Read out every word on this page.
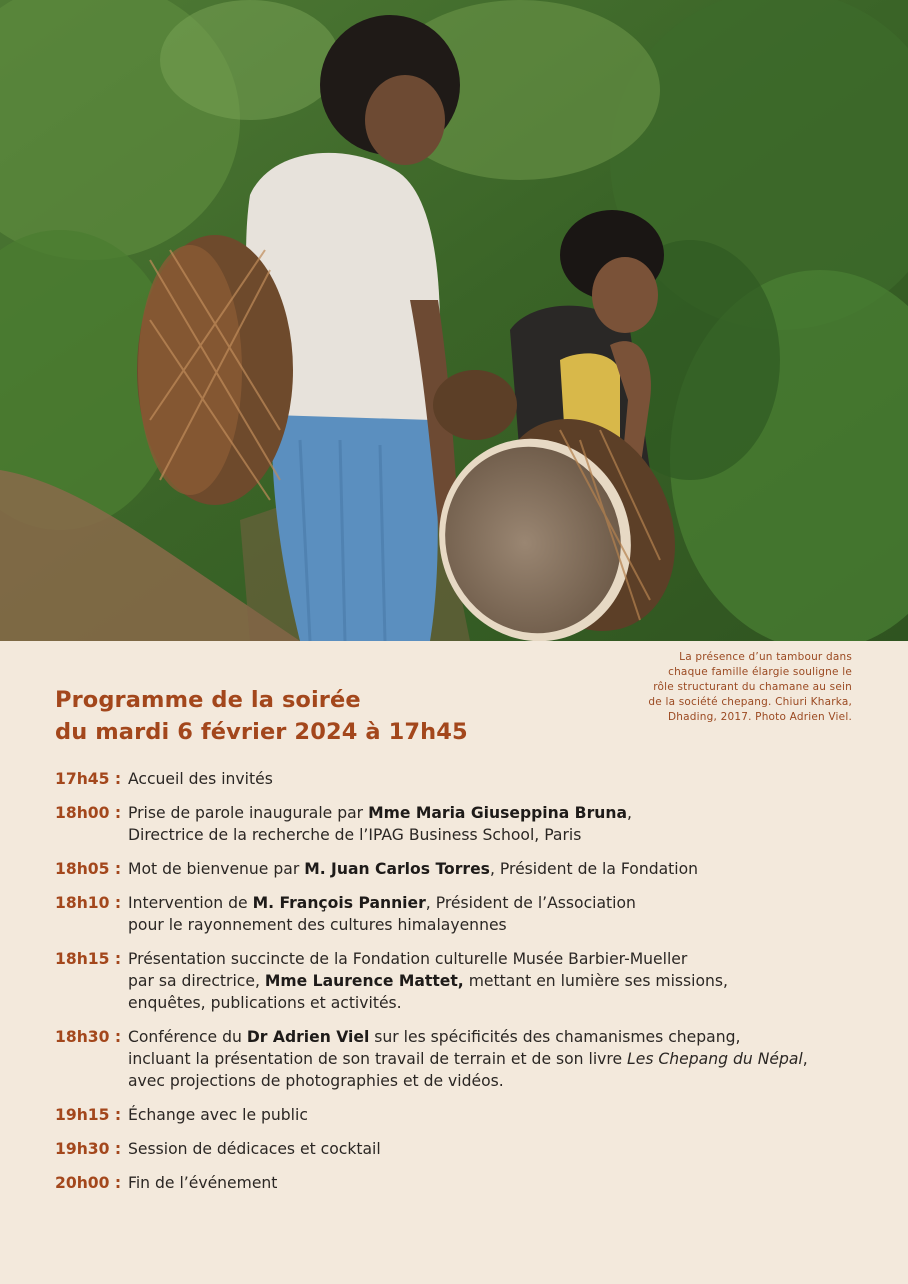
La présence d’un tambour dans

chaque famille élargie souligne le

rôle structurant du chamane au sein

de la société chepang. Chiuri Kharka,

Dhading, 2017. Photo Adrien Viel.

Programme de la soirée
du mardi 6 février 2024 à 17h45
17h45 : Accueil des invités
18h00 : Prise de parole inaugurale par Mme Maria Giuseppina Bruna,
Directrice de la recherche de l’IPAG Business School, Paris
18h05 : Mot de bienvenue par M. Juan Carlos Torres, Président de la Fondation
18h10 : Intervention de M. François Pannier, Président de l’Association
pour le rayonnement des cultures himalayennes
18h15 : Présentation succincte de la Fondation culturelle Musée Barbier-Mueller
par sa directrice, Mme Laurence Mattet, mettant en lumière ses missions,
enquêtes, publications et activités.
18h30 : Conférence du Dr Adrien Viel sur les spécificités des chamanismes chepang,
incluant la présentation de son travail de terrain et de son livre Les Chepang du Népal,
avec projections de photographies et de vidéos.
19h15 : Échange avec le public
19h30 : Session de dédicaces et cocktail
20h00 : Fin de l’événement
